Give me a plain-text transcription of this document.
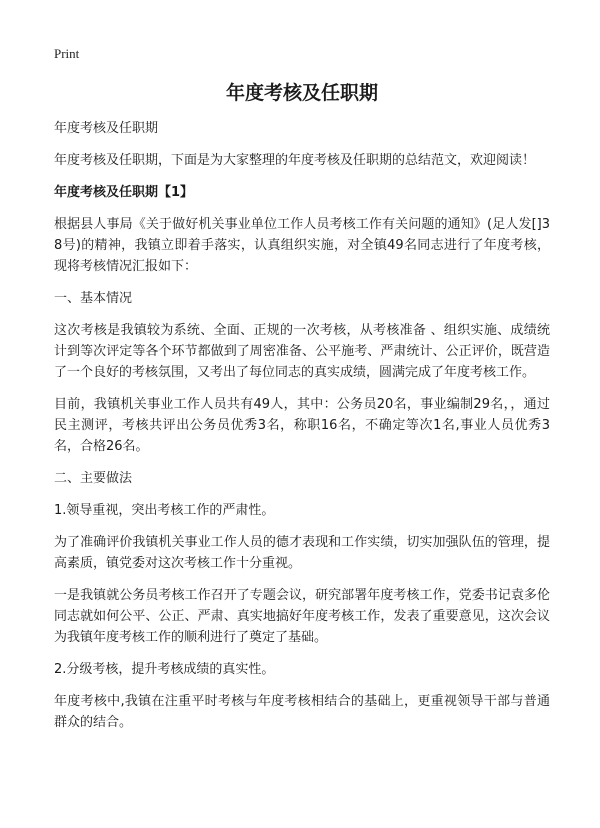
Print
年度考核及任职期
年度考核及任职期
年度考核及任职期，下面是为大家整理的年度考核及任职期的总结范文，欢迎阅读！
年度考核及任职期【1】
根据县人事局《关于做好机关事业单位工作人员考核工作有关问题的通知》(足人发[]38号)的精神，我镇立即着手落实，认真组织实施，对全镇49名同志进行了年度考核，现将考核情况汇报如下：
一、基本情况
这次考核是我镇较为系统、全面、正规的一次考核，从考核准备 、组织实施、成绩统计到等次评定等各个环节都做到了周密准备、公平施考、严肃统计、公正评价，既营造了一个良好的考核氛围，又考出了每位同志的真实成绩，圆满完成了年度考核工作。
目前，我镇机关事业工作人员共有49人，其中：公务员20名，事业编制29名，，通过民主测评，考核共评出公务员优秀3名，称职16名，不确定等次1名,事业人员优秀3名，合格26名。
二、主要做法
1.领导重视，突出考核工作的严肃性。
为了准确评价我镇机关事业工作人员的德才表现和工作实绩，切实加强队伍的管理，提高素质，镇党委对这次考核工作十分重视。
一是我镇就公务员考核工作召开了专题会议，研究部署年度考核工作，党委书记袁多伦同志就如何公平、公正、严肃、真实地搞好年度考核工作，发表了重要意见，这次会议为我镇年度考核工作的顺利进行了奠定了基础。
2.分级考核，提升考核成绩的真实性。
年度考核中,我镇在注重平时考核与年度考核相结合的基础上，更重视领导干部与普通群众的结合。
